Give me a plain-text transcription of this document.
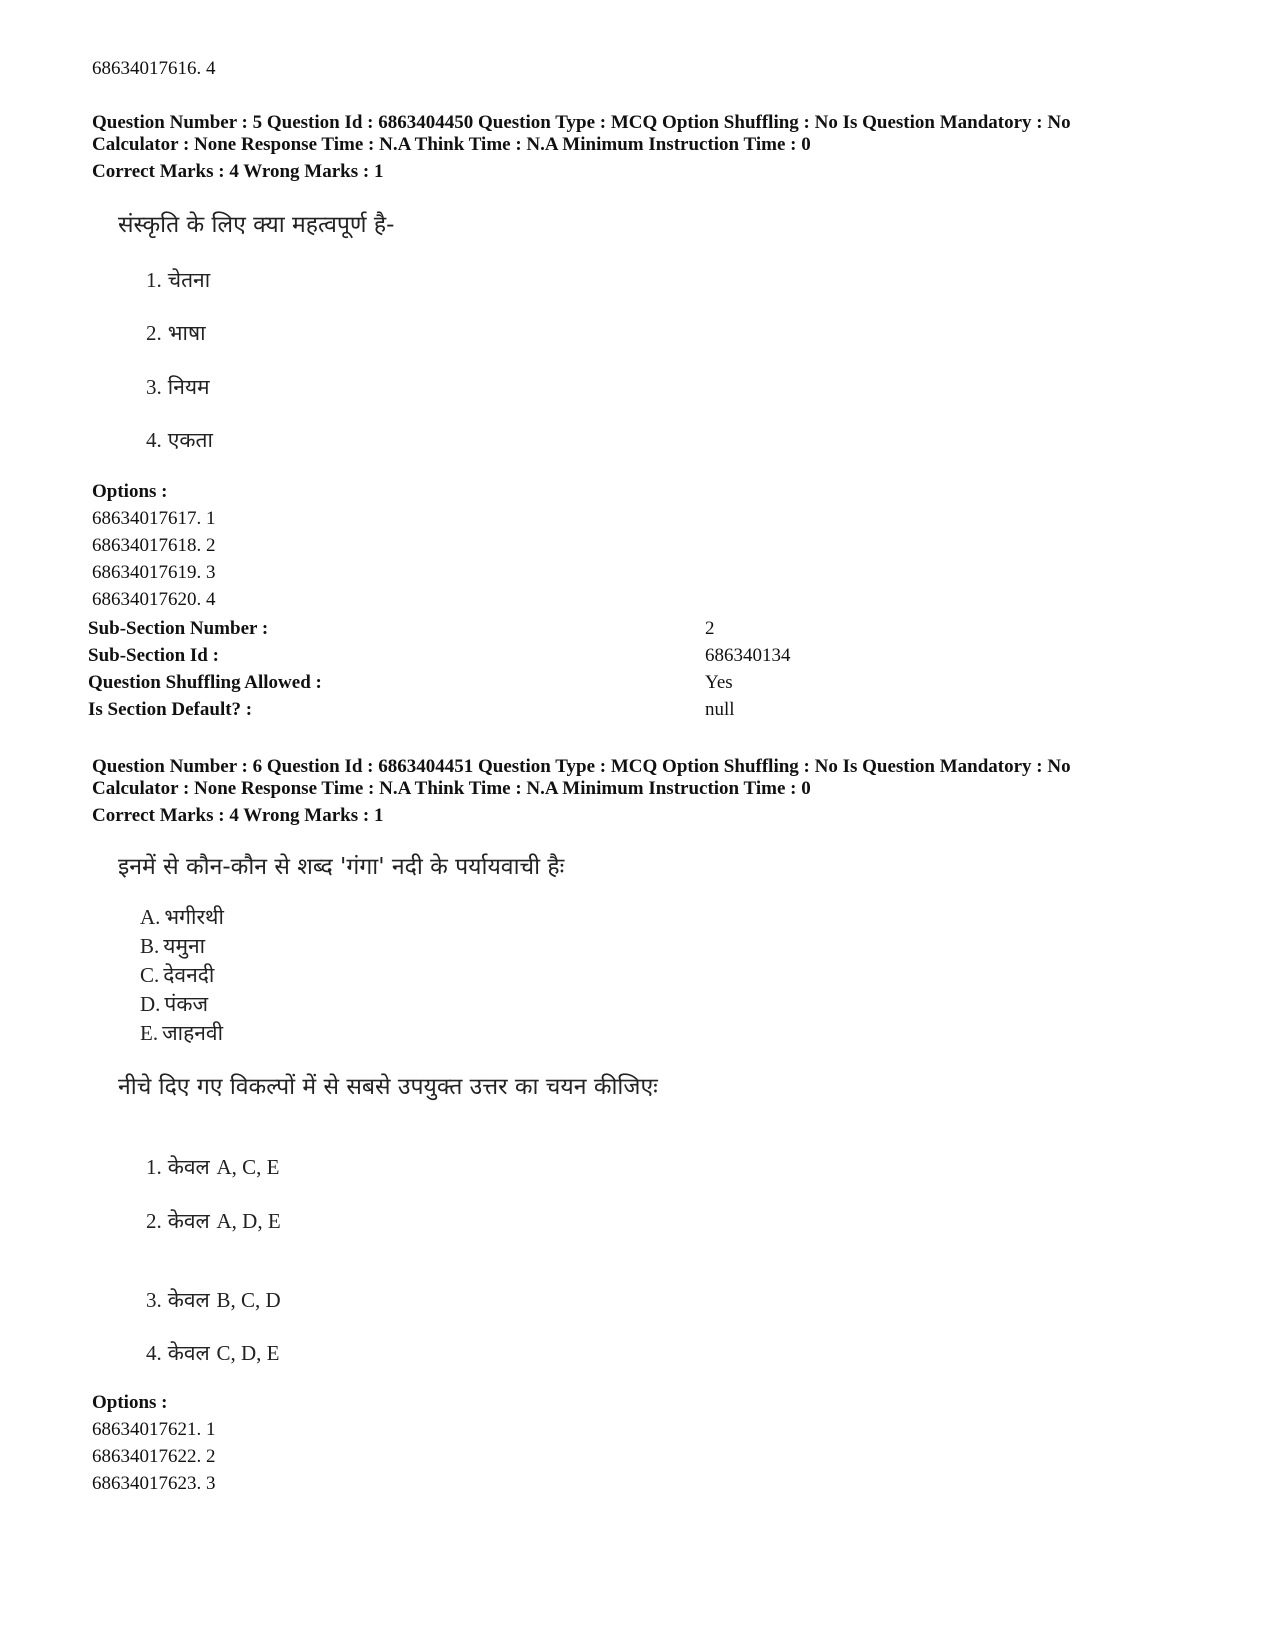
68634017616. 4
Question Number : 5 Question Id : 6863404450 Question Type : MCQ Option Shuffling : No Is Question Mandatory : No
Calculator : None Response Time : N.A Think Time : N.A Minimum Instruction Time : 0
Correct Marks : 4 Wrong Marks : 1
संस्कृति के लिए क्या महत्वपूर्ण है-
1. चेतना
2. भाषा
3. नियम
4. एकता
Options :
68634017617. 1
68634017618. 2
68634017619. 3
68634017620. 4
Sub-Section Number :	2
Sub-Section Id :	686340134
Question Shuffling Allowed :	Yes
Is Section Default? :	null
Question Number : 6 Question Id : 6863404451 Question Type : MCQ Option Shuffling : No Is Question Mandatory : No
Calculator : None Response Time : N.A Think Time : N.A Minimum Instruction Time : 0
Correct Marks : 4 Wrong Marks : 1
इनमें से कौन-कौन से शब्द 'गंगा' नदी के पर्यायवाची हैः
A. भगीरथी
B. यमुना
C. देवनदी
D. पंकज
E. जाहनवी
नीचे दिए गए विकल्पों में से सबसे उपयुक्त उत्तर का चयन कीजिएः
1. केवल A, C, E
2. केवल A, D, E
3. केवल B, C, D
4. केवल C, D, E
Options :
68634017621. 1
68634017622. 2
68634017623. 3
